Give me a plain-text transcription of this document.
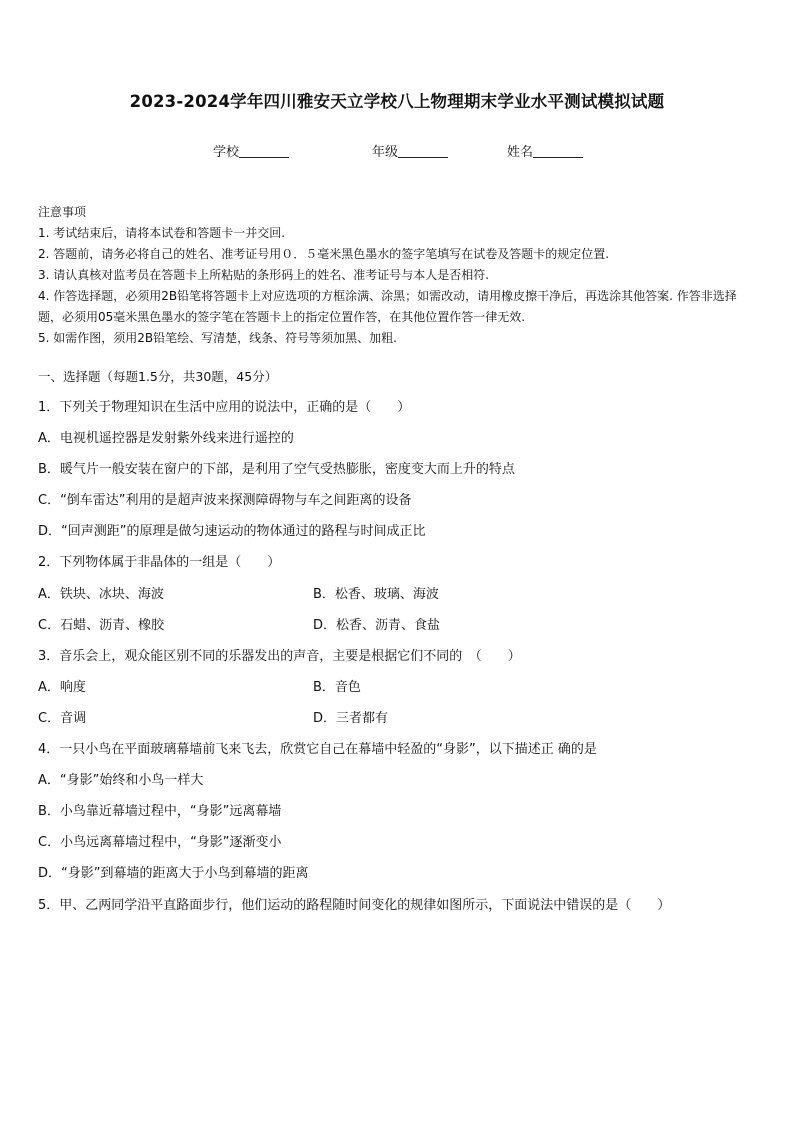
2023-2024学年四川雅安天立学校八上物理期末学业水平测试模拟试题
学校	年级	姓名
注意事项
1. 考试结束后，请将本试卷和答题卡一并交回.
2. 答题前，请务必将自己的姓名、准考证号用０．５毫米黑色墨水的签字笔填写在试卷及答题卡的规定位置.
3. 请认真核对监考员在答题卡上所粘贴的条形码上的姓名、准考证号与本人是否相符.
4. 作答选择题，必须用2B铅笔将答题卡上对应选项的方框涂满、涂黑；如需改动，请用橡皮擦干净后，再选涂其他答案. 作答非选择题，必须用05毫米黑色墨水的签字笔在答题卡上的指定位置作答，在其他位置作答一律无效.
5. 如需作图，须用2B铅笔绘、写清楚，线条、符号等须加黑、加粗.
一、选择题（每题1.5分，共30题，45分）
1．下列关于物理知识在生活中应用的说法中，正确的是（　　）
A．电视机遥控器是发射紫外线来进行遥控的
B．暖气片一般安装在窗户的下部，是利用了空气受热膨胀，密度变大而上升的特点
C．“倒车雷达”利用的是超声波来探测障碍物与车之间距离的设备
D．“回声测距”的原理是做匀速运动的物体通过的路程与时间成正比
2．下列物体属于非晶体的一组是（　　）
A．铁块、冰块、海波	B．松香、玻璃、海波
C．石蜡、沥青、橡胶	D．松香、沥青、食盐
3．音乐会上，观众能区别不同的乐器发出的声音，主要是根据它们不同的　（　　）
A．响度	B．音色
C．音调	D．三者都有
4．一只小鸟在平面玻璃幕墙前飞来飞去，欣赏它自己在幕墙中轻盈的“身影”，以下描述正 确的是
A．“身影”始终和小鸟一样大
B．小鸟靠近幕墙过程中，“身影”远离幕墙
C．小鸟远离幕墙过程中，“身影”逐渐变小
D．“身影”到幕墙的距离大于小鸟到幕墙的距离
5．甲、乙两同学沿平直路面步行，他们运动的路程随时间变化的规律如图所示，下面说法中错误的是（　　）
